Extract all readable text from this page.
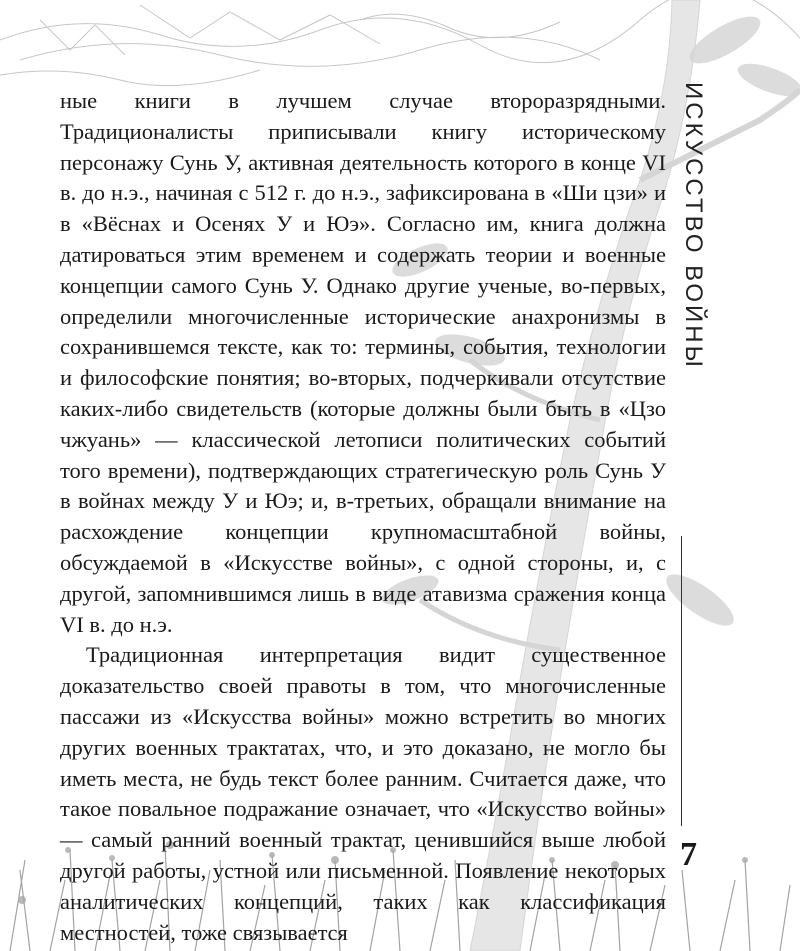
ные книги в лучшем случае второразрядными. Традиционалисты приписывали книгу историческому персонажу Сунь У, активная деятельность которого в конце VI в. до н.э., начиная с 512 г. до н.э., зафиксирована в «Ши цзи» и в «Вёснах и Осенях У и Юэ». Согласно им, книга должна датироваться этим временем и содержать теории и военные концепции самого Сунь У. Однако другие ученые, во-первых, определили многочисленные исторические анахронизмы в сохранившемся тексте, как то: термины, события, технологии и философские понятия; во-вторых, подчеркивали отсутствие каких-либо свидетельств (которые должны были быть в «Цзо чжуань» — классической летописи политических событий того времени), подтверждающих стратегическую роль Сунь У в войнах между У и Юэ; и, в-третьих, обращали внимание на расхождение концепции крупномасштабной войны, обсуждаемой в «Искусстве войны», с одной стороны, и, с другой, запомнившимся лишь в виде атавизма сражения конца VI в. до н.э.

Традиционная интерпретация видит существенное доказательство своей правоты в том, что многочисленные пассажи из «Искусства войны» можно встретить во многих других военных трактатах, что, и это доказано, не могло бы иметь места, не будь текст более ранним. Считается даже, что такое повальное подражание означает, что «Искусство войны» — самый ранний военный трактат, ценившийся выше любой другой работы, устной или письменной. Появление некоторых аналитических концепций, таких как классификация местностей, тоже связываетcя

ИСКУССТВО ВОЙНЫ
7
